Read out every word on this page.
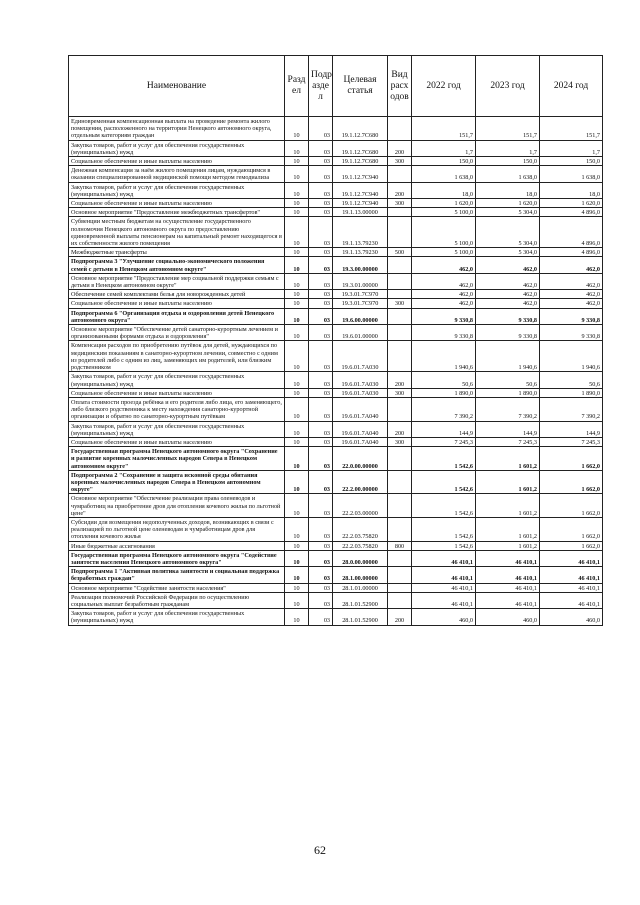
Наименование	Разд ел	Подр азде л	Целевая статья	Вид расх одов	2022 год	2023 год	2024 год
Единовременная компенсационная выплата на проведение ремонта жилого помещения, расположенного на территории Ненецкого автономного округа, отдельным категориям граждан	10	03	19.1.12.7С680		151,7	151,7	151,7
Закупка товаров, работ и услуг для обеспечения государственных (муниципальных) нужд	10	03	19.1.12.7С680	200	1,7	1,7	1,7
Социальное обеспечение и иные выплаты населению	10	03	19.1.12.7С680	300	150,0	150,0	150,0
Денежная компенсация за наём жилого помещения лицам, нуждающимся в оказании специализированной медицинской помощи методом гемодиализа	10	03	19.1.12.7С940		1 638,0	1 638,0	1 638,0
Закупка товаров, работ и услуг для обеспечения государственных (муниципальных) нужд	10	03	19.1.12.7С940	200	18,0	18,0	18,0
Социальное обеспечение и иные выплаты населению	10	03	19.1.12.7С940	300	1 620,0	1 620,0	1 620,0
Основное мероприятие "Предоставление межбюджетных трансфертов"	10	03	19.1.13.00000		5 100,0	5 304,0	4 896,0
Субвенции местным бюджетам на осуществление государственного полномочия Ненецкого автономного округа по предоставлению единовременной выплаты пенсионерам на капитальный ремонт находящегося в их собственности жилого помещения	10	03	19.1.13.79230		5 100,0	5 304,0	4 896,0
Межбюджетные трансферты	10	03	19.1.13.79230	500	5 100,0	5 304,0	4 896,0
Подпрограмма 3 "Улучшение социально-экономического положения семей с детьми в Ненецком автономном округе"	10	03	19.3.00.00000		462,0	462,0	462,0
Основное мероприятие "Предоставление мер социальной поддержки семьям с детьми в Ненецком автономном округе"	10	03	19.3.01.00000		462,0	462,0	462,0
Обеспечение семей комплектами белья для новорожденных детей	10	03	19.3.01.7С970		462,0	462,0	462,0
Социальное обеспечение и иные выплаты населению	10	03	19.3.01.7С970	300	462,0	462,0	462,0
Подпрограмма 6 "Организация отдыха и оздоровления детей Ненецкого автономного округа"	10	03	19.6.00.00000		9 330,8	9 330,8	9 330,8
Основное мероприятие "Обеспечение детей санаторно-курортным лечением и организованными формами отдыха и оздоровления"	10	03	19.6.01.00000		9 330,8	9 330,8	9 330,8
Компенсация расходов по приобретению путёвок для детей, нуждающихся по медицинским показаниям в санаторно-курортном лечении, совместно с одним из родителей либо с одним из лиц, заменяющих им родителей, или близким родственником	10	03	19.6.01.7А030		1 940,6	1 940,6	1 940,6
Закупка товаров, работ и услуг для обеспечения государственных (муниципальных) нужд	10	03	19.6.01.7А030	200	50,6	50,6	50,6
Социальное обеспечение и иные выплаты населению	10	03	19.6.01.7А030	300	1 890,0	1 890,0	1 890,0
Оплата стоимости проезда ребёнка и его родителя либо лица, его заменяющего, либо близкого родственника к месту нахождения санаторно-курортной организации и обратно по санаторно-курортным путёвкам	10	03	19.6.01.7А040		7 390,2	7 390,2	7 390,2
Закупка товаров, работ и услуг для обеспечения государственных (муниципальных) нужд	10	03	19.6.01.7А040	200	144,9	144,9	144,9
Социальное обеспечение и иные выплаты населению	10	03	19.6.01.7А040	300	7 245,3	7 245,3	7 245,3
Государственная программа Ненецкого автономного округа "Сохранение и развитие коренных малочисленных народов Севера в Ненецком автономном округе"	10	03	22.0.00.00000		1 542,6	1 601,2	1 662,0
Подпрограмма 2 "Сохранение и защита исконной среды обитания коренных малочисленных народов Севера в Ненецком автономном округе"	10	03	22.2.00.00000		1 542,6	1 601,2	1 662,0
Основное мероприятие "Обеспечение реализации права оленеводов и чумработниц на приобретение дров для отопления кочевого жилья по льготной цене"	10	03	22.2.03.00000		1 542,6	1 601,2	1 662,0
Субсидии для возмещения недополученных доходов, возникающих в связи с реализацией по льготной цене оленеводам и чумработницам дров для отопления кочевого жилья	10	03	22.2.03.75820		1 542,6	1 601,2	1 662,0
Иные бюджетные ассигнования	10	03	22.2.03.75820	800	1 542,6	1 601,2	1 662,0
Государственная программа Ненецкого автономного округа "Содействие занятости населения Ненецкого автономного округа"	10	03	28.0.00.00000		46 410,1	46 410,1	46 410,1
Подпрограмма 1 "Активная политика занятости и социальная поддержка безработных граждан"	10	03	28.1.00.00000		46 410,1	46 410,1	46 410,1
Основное мероприятие "Содействие занятости населения"	10	03	28.1.01.00000		46 410,1	46 410,1	46 410,1
Реализация полномочий Российской Федерации по осуществлению социальных выплат безработным гражданам	10	03	28.1.01.52900		46 410,1	46 410,1	46 410,1
Закупка товаров, работ и услуг для обеспечения государственных (муниципальных) нужд	10	03	28.1.01.52900	200	460,0	460,0	460,0
62
